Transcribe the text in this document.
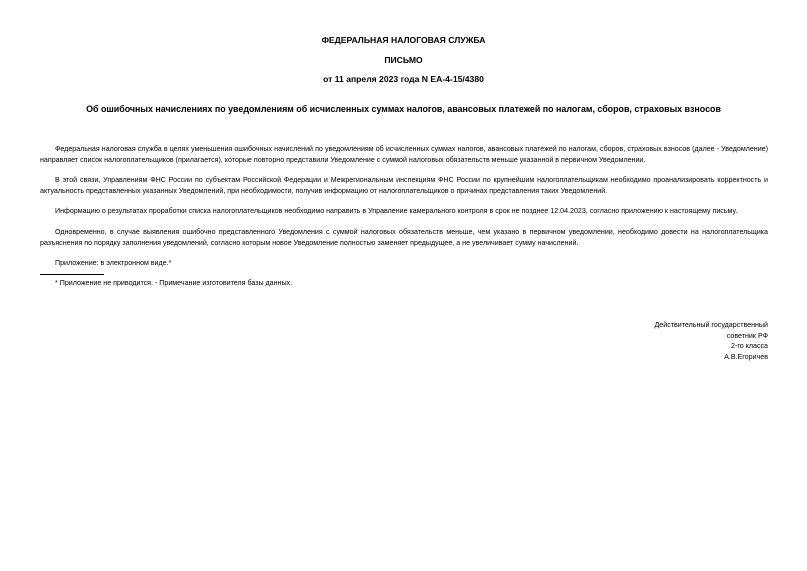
ФЕДЕРАЛЬНАЯ НАЛОГОВАЯ СЛУЖБА
ПИСЬМО
от 11 апреля 2023 года N ЕА-4-15/4380
Об ошибочных начислениях по уведомлениям об исчисленных суммах налогов, авансовых платежей по налогам, сборов, страховых взносов

Федеральная налоговая служба в целях уменьшения ошибочных начислений по уведомлениям об исчисленных суммах налогов, авансовых платежей по налогам, сборов, страховых взносов (далее - Уведомление) направляет список налогоплательщиков (прилагается), которые повторно представили Уведомление с суммой налоговых обязательств меньше указанной в первичном Уведомлении.

В этой связи, Управлениям ФНС России по субъектам Российской Федерации и Межрегиональным инспекциям ФНС России по крупнейшим налогоплательщикам необходимо проанализировать корректность и актуальность представленных указанных Уведомлений, при необходимости, получив информацию от налогоплательщиков о причинах представления таких Уведомлений.

Информацию о результатах проработки списка налогоплательщиков необходимо направить в Управление камерального контроля в срок не позднее 12.04.2023, согласно приложению к настоящему письму.

Одновременно, в случае выявления ошибочно представленного Уведомления с суммой налоговых обязательств меньше, чем указано в первичном уведомлении, необходимо довести на налогоплательщика разъяснения по порядку заполнения уведомлений, согласно которым новое Уведомление полностью заменяет предыдущее, а не увеличивает сумму начислений.

Приложение: в электронном виде.*

* Приложение не приводится. - Примечание изготовителя базы данных.

Действительный государственный
советник РФ
2-го класса
А.В.Егоричев
